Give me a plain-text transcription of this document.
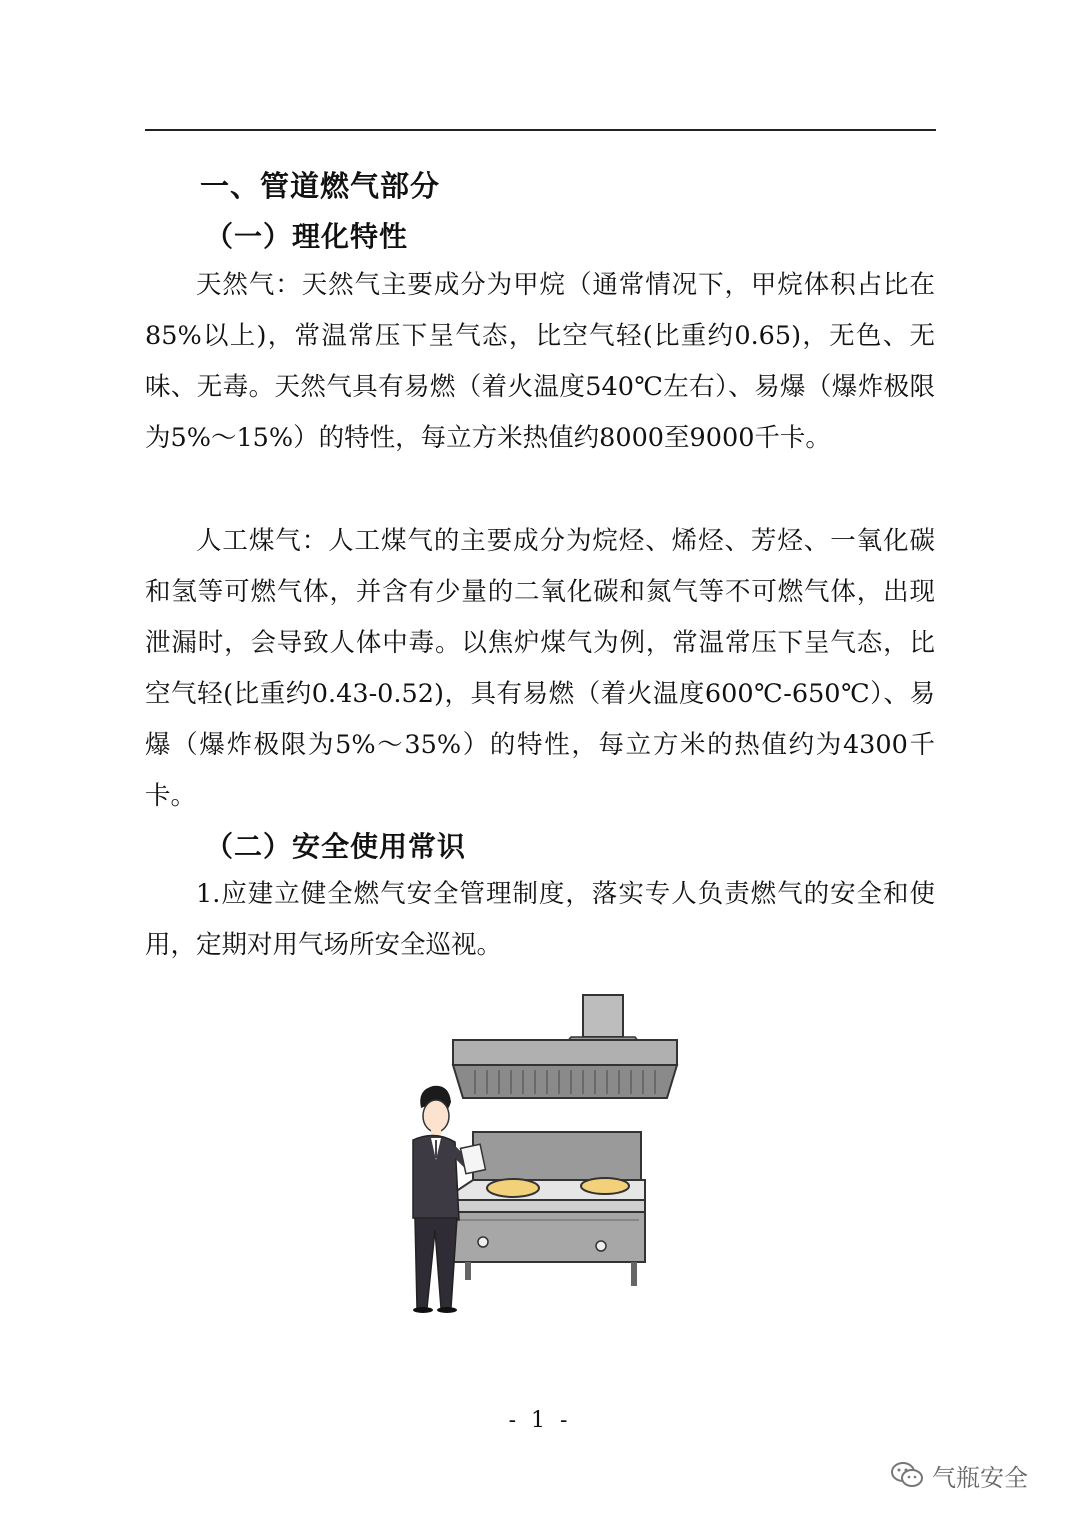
一、管道燃气部分
（一）理化特性

天然气：天然气主要成分为甲烷（通常情况下，甲烷体积占比在85%以上)，常温常压下呈气态，比空气轻(比重约0.65)，无色、无味、无毒。天然气具有易燃（着火温度540℃左右）、易爆（爆炸极限为5%～15%）的特性，每立方米热值约8000至9000千卡。

人工煤气：人工煤气的主要成分为烷烃、烯烃、芳烃、一氧化碳和氢等可燃气体，并含有少量的二氧化碳和氮气等不可燃气体，出现泄漏时，会导致人体中毒。以焦炉煤气为例，常温常压下呈气态，比空气轻(比重约0.43-0.52)，具有易燃（着火温度600℃-650℃）、易爆（爆炸极限为5%～35%）的特性，每立方米的热值约为4300千卡。

（二）安全使用常识

1.应建立健全燃气安全管理制度，落实专人负责燃气的安全和使用，定期对用气场所安全巡视。

- 1 -
气瓶安全
